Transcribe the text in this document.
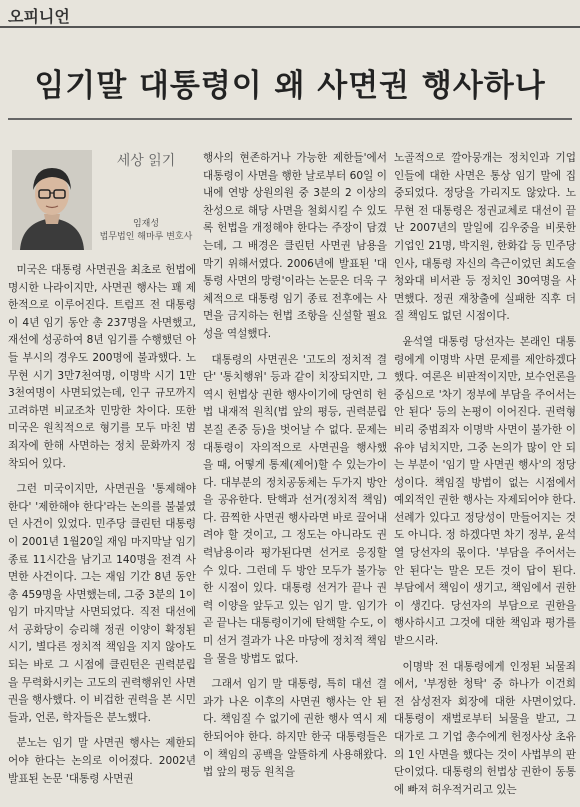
오피니언
임기말 대통령이 왜 사면권 행사하나
세상 읽기
임재성
법무법인 해마루 변호사

미국은 대통령 사면권을 최초로 헌법에 명시한 나라이지만, 사면권 행사는 꽤 제한적으로 이루어진다. 트럼프 전 대통령이 4년 임기 동안 총 237명을 사면했고, 재선에 성공하여 8년 임기를 수행했던 아들 부시의 경우도 200명에 불과했다. 노무현 시기 3만7천여명, 이명박 시기 1만3천여명이 사면되었는데, 인구 규모까지 고려하면 비교조차 민망한 차이다. 또한 미국은 원칙적으로 형기를 모두 마친 범죄자에 한해 사면하는 정치 문화까지 정착되어 있다.

그런 미국이지만, 사면권을 '통제해야 한다' '제한해야 한다'라는 논의를 불붙였던 사건이 있었다. 민주당 클린턴 대통령이 2001년 1월20일 재임 마지막날 임기 종료 11시간을 남기고 140명을 전격 사면한 사건이다. 그는 재임 기간 8년 동안 총 459명을 사면했는데, 그중 3분의 1이 임기 마지막날 사면되었다. 직전 대선에서 공화당이 승리해 정권 이양이 확정된 시기, 별다른 정치적 책임을 지지 않아도 되는 바로 그 시점에 클린턴은 권력분립을 무력화시키는 고도의 권력행위인 사면권을 행사했다. 이 비겁한 권력을 본 시민들과, 언론, 학자들은 분노했다.

분노는 임기 말 사면권 행사는 제한되어야 한다는 논의로 이어졌다. 2002년 발표된 논문 '대통령 사면권

행사의 현존하거나 가능한 제한들'에서 대통령이 사면을 행한 날로부터 60일 이내에 연방 상원의원 중 3분의 2 이상의 찬성으로 해당 사면을 철회시킬 수 있도록 헌법을 개정해야 한다는 주장이 담겼는데, 그 배경은 클린턴 사면권 남용을 막기 위해서였다. 2006년에 발표된 '대통령 사면의 망령'이라는 논문은 더욱 구체적으로 대통령 임기 종료 전후에는 사면을 금지하는 헌법 조항을 신설할 필요성을 역설했다.

대통령의 사면권은 '고도의 정치적 결단' '통치행위' 등과 같이 치장되지만, 그 역시 헌법상 권한 행사이기에 당연히 헌법 내재적 원칙(법 앞의 평등, 권력분립 본질 존중 등)을 벗어날 수 없다. 문제는 대통령이 자의적으로 사면권을 행사했을 때, 어떻게 통제(제어)할 수 있는가이다. 대부분의 정치공동체는 두가지 방안을 공유한다. 탄핵과 선거(정치적 책임)다. 끔찍한 사면권 행사라면 바로 끌어내려야 할 것이고, 그 정도는 아니라도 권력남용이라 평가된다면 선거로 응징할 수 있다. 그런데 두 방안 모두가 불가능한 시점이 있다. 대통령 선거가 끝나 권력 이양을 앞두고 있는 임기 말. 임기가 곧 끝나는 대통령이기에 탄핵할 수도, 이미 선거 결과가 나온 마당에 정치적 책임을 물을 방법도 없다.

그래서 임기 말 대통령, 특히 대선 결과가 나온 이후의 사면권 행사는 안 된다. 책임질 수 없기에 권한 행사 역시 제한되어야 한다. 하지만 한국 대통령들은 이 책임의 공백을 알뜰하게 사용해왔다. 법 앞의 평등 원칙을

노골적으로 깔아뭉개는 정치인과 기업인들에 대한 사면은 통상 임기 말에 집중되었다. 정당을 가리지도 않았다. 노무현 전 대통령은 정권교체로 대선이 끝난 2007년의 말일에 김우중을 비롯한 기업인 21명, 박지원, 한화갑 등 민주당 인사, 대통령 자신의 측근이었던 최도술 청와대 비서관 등 정치인 30여명을 사면했다. 정권 재창출에 실패한 직후 더 질 책임도 없던 시점이다.

윤석열 대통령 당선자는 본래인 대통령에게 이명박 사면 문제를 제안하겠다 했다. 여론은 비판적이지만, 보수언론을 중심으로 '차기 정부에 부담을 주어서는 안 된다' 등의 논평이 이어진다. 권력형 비리 중범죄자 이명박 사면이 불가한 이유야 넘치지만, 그중 논의가 많이 안 되는 부분이 '임기 말 사면권 행사'의 정당성이다. 책임질 방법이 없는 시점에서 예외적인 권한 행사는 자제되어야 한다. 선례가 있다고 정당성이 만들어지는 것도 아니다. 정 하겠다면 차기 정부, 윤석열 당선자의 몫이다. '부담을 주어서는 안 된다'는 말은 모든 것이 답이 된다. 부담에서 책임이 생기고, 책임에서 권한이 생긴다. 당선자의 부담으로 권한을 행사하시고 그것에 대한 책임과 평가를 받으시라.

이명박 전 대통령에게 인정된 뇌물죄에서, '부정한 청탁' 중 하나가 이건희 전 삼성전자 회장에 대한 사면이었다. 대통령이 재벌로부터 뇌물을 받고, 그 대가로 그 기업 총수에게 헌정사상 초유의 1인 사면을 했다는 것이 사법부의 판단이었다. 대통령의 헌법상 권한이 동통에 빠져 허우적거리고 있는
